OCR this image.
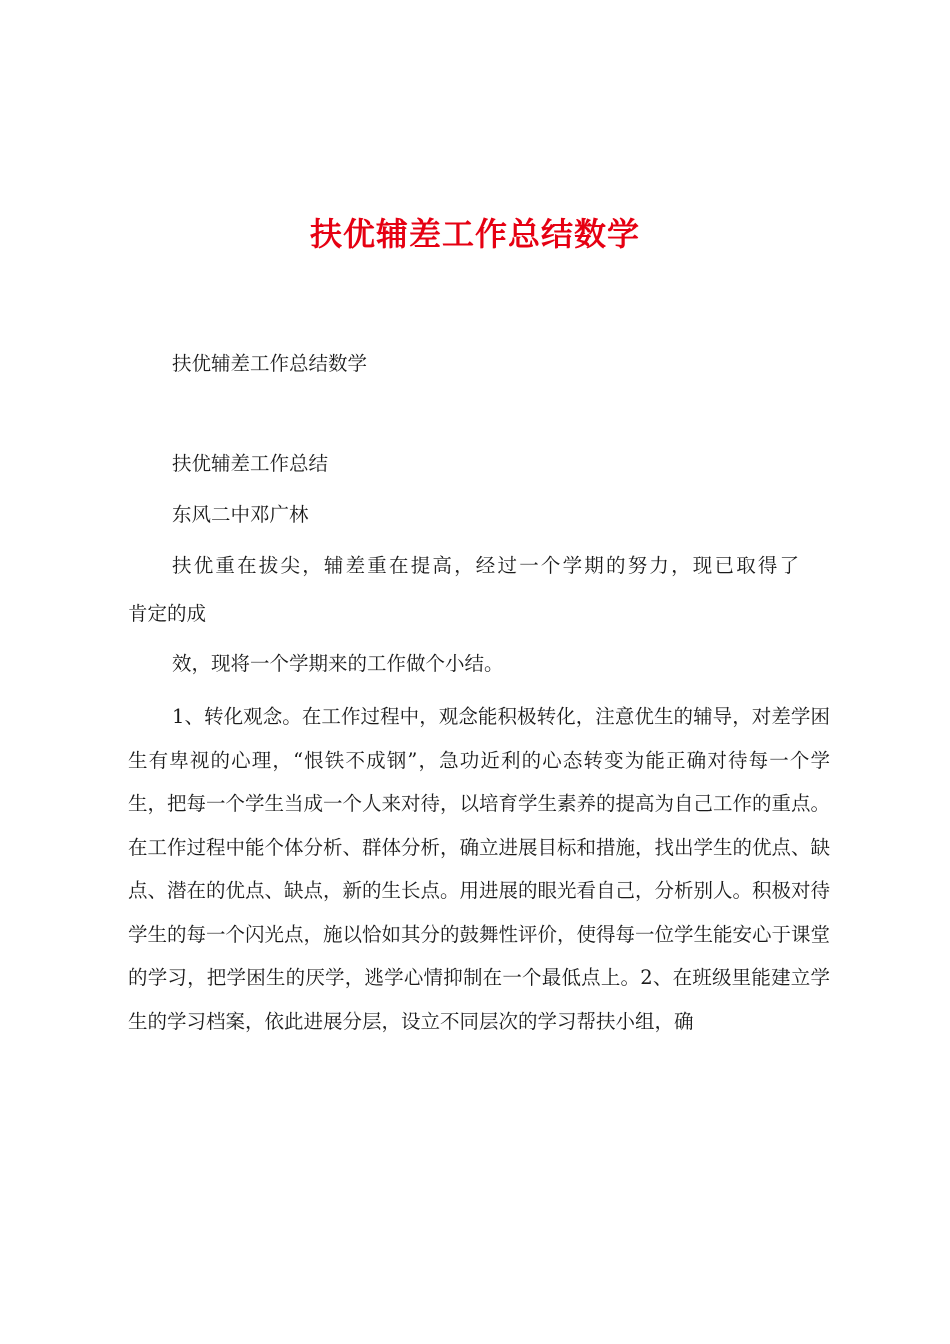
扶优辅差工作总结数学

扶优辅差工作总结数学

扶优辅差工作总结

东风二中邓广林

扶优重在拔尖，辅差重在提高，经过一个学期的努力，现已取得了

肯定的成

效，现将一个学期来的工作做个小结。

1、转化观念。在工作过程中，观念能积极转化，注意优生的辅导，对差学困生有卑视的心理，“恨铁不成钢”，急功近利的心态转变为能正确对待每一个学生，把每一个学生当成一个人来对待，以培育学生素养的提高为自己工作的重点。在工作过程中能个体分析、群体分析，确立进展目标和措施，找出学生的优点、缺点、潜在的优点、缺点，新的生长点。用进展的眼光看自己，分析别人。积极对待学生的每一个闪光点，施以恰如其分的鼓舞性评价，使得每一位学生能安心于课堂的学习，把学困生的厌学，逃学心情抑制在一个最低点上。2、在班级里能建立学生的学习档案，依此进展分层，设立不同层次的学习帮扶小组，确
